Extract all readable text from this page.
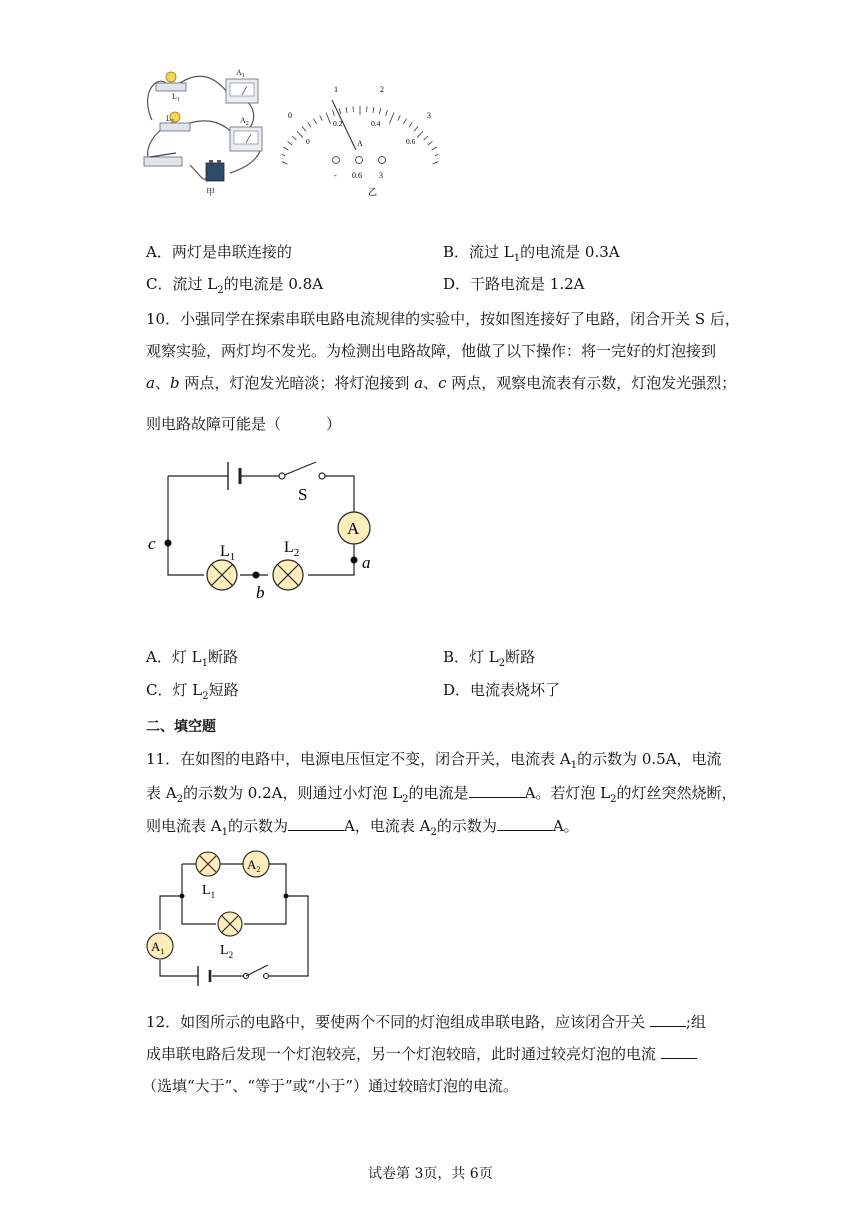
$A_1$
$A_2$
$L_1$
$L_2$
甲
0
1	2
3
0
0.2	0.4
0.6
A
- 0.6 3
乙
A．两灯是串联连接的	B．流过 $L_1$的电流是 0.3A
C．流过 $L_2$的电流是 0.8A	D．干路电流是 1.2A
10．小强同学在探索串联电路电流规律的实验中，按如图连接好了电路，闭合开关 S 后，
观察实验，两灯均不发光。为检测出电路故障，他做了以下操作：将一完好的灯泡接到
a、b 两点，灯泡发光暗淡；将灯泡接到 a、c 两点，观察电流表有示数，灯泡发光强烈；
则电路故障可能是（　　　）
S
A
$L_1$
$L_2$
c
b
a
A．灯 $L_1$断路	B．灯 $L_2$断路
C．灯 $L_2$短路	D．电流表烧坏了
二、填空题
11．在如图的电路中，电源电压恒定不变，闭合开关，电流表 $A_1$的示数为 0.5A，电流
表 $A_2$的示数为 0.2A，则通过小灯泡 $L_2$的电流是	A。若灯泡 $L_2$的灯丝突然烧断，
则电流表 $A_1$的示数为	A，电流表 $A_2$的示数为	A。
$L_1$
$A_2$
$L_2$
$A_1$
12．如图所示的电路中，要使两个不同的灯泡组成串联电路，应该闭合开关	;组
成串联电路后发现一个灯泡较亮，另一个灯泡较暗，此时通过较亮灯泡的电流
（选填“大于”、“等于”或“小于”）通过较暗灯泡的电流。
试卷第 3页，共 6页
